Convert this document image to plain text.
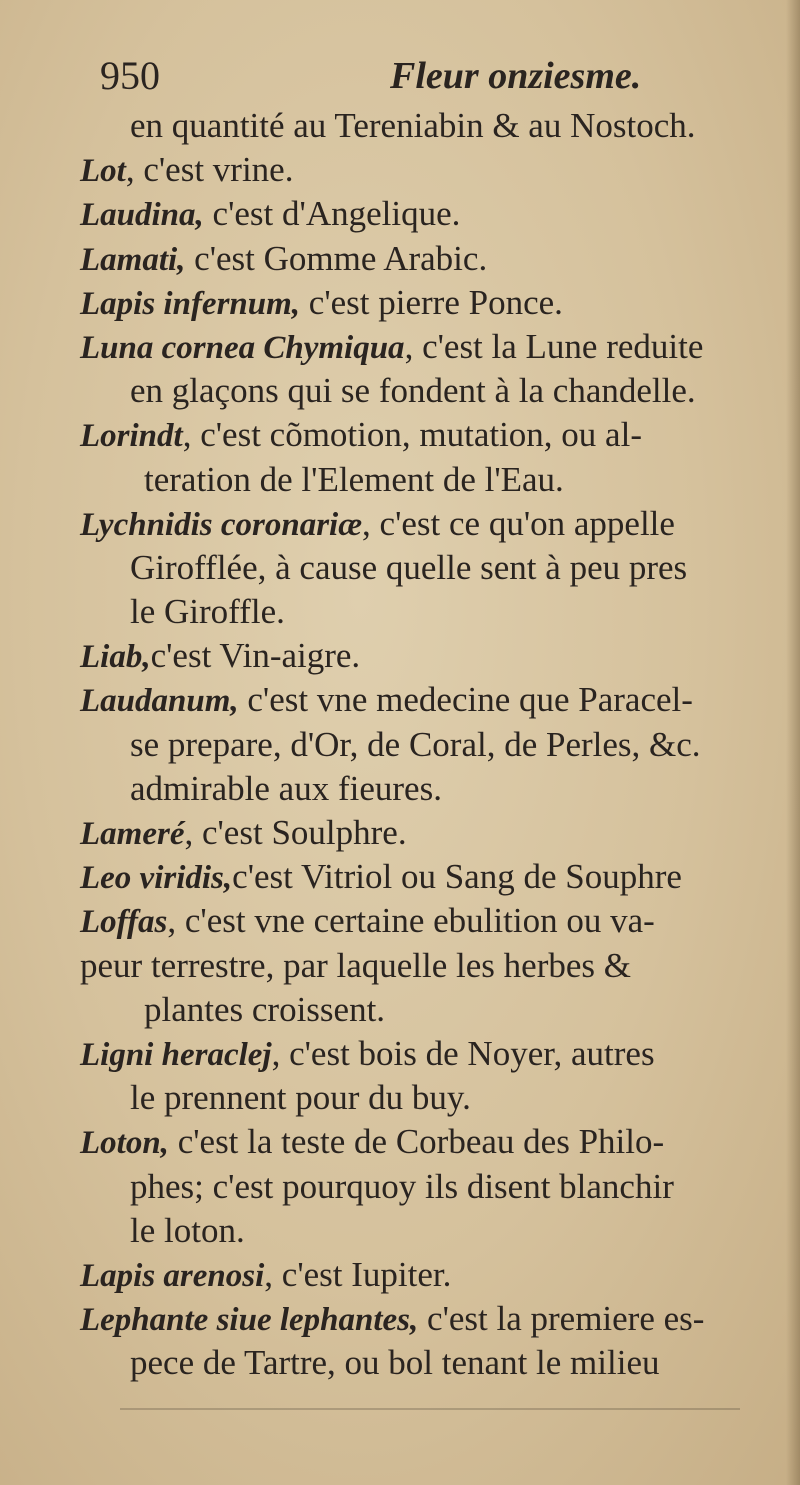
950	Fleur onziesme.
en quantité au Tereniabin & au Nostoch.
Lot, c'est vrine.
Laudina, c'est d'Angelique.
Lamati, c'est Gomme Arabic.
Lapis infernum, c'est pierre Ponce.
Luna cornea Chymiqua, c'est la Lune reduite
en glaçons qui se fondent à la chandelle.
Lorindt, c'est cõmotion, mutation, ou al-
teration de l'Element de l'Eau.
Lychnidis coronariæ, c'est ce qu'on appelle
Girofflée, à cause quelle sent à peu pres
le Giroffle.
Liab,c'est Vin-aigre.
Laudanum, c'est vne medecine que Paracel-
se prepare, d'Or, de Coral, de Perles, &c.
admirable aux fieures.
Lameré, c'est Soulphre.
Leo viridis,c'est Vitriol ou Sang de Souphre
Loffas, c'est vne certaine ebulition ou va-
peur terrestre, par laquelle les herbes &
plantes croissent.
Ligni heraclej, c'est bois de Noyer, autres
le prennent pour du buy.
Loton, c'est la teste de Corbeau des Philo-
phes; c'est pourquoy ils disent blanchir
le loton.
Lapis arenosi, c'est Iupiter.
Lephante siue lephantes, c'est la premiere es-
pece de Tartre, ou bol tenant le milieu
